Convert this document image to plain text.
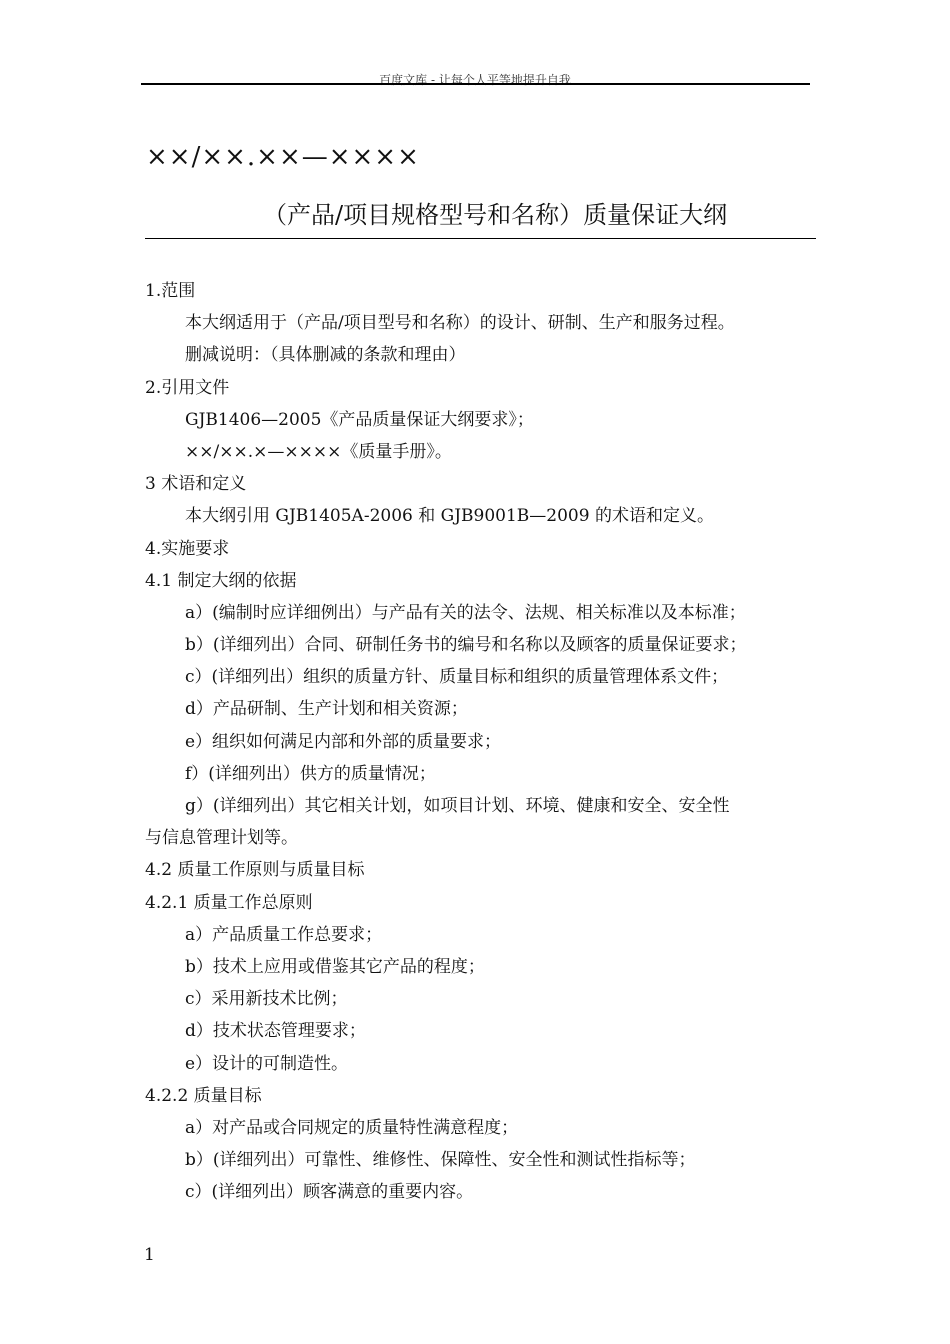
百度文库 - 让每个人平等地提升自我
××/××.××—××××
（产品/项目规格型号和名称）质量保证大纲
1.范围
本大纲适用于（产品/项目型号和名称）的设计、研制、生产和服务过程。
删减说明：（具体删减的条款和理由）
2.引用文件
GJB1406—2005《产品质量保证大纲要求》；
××/××.×—××××《质量手册》。
3 术语和定义
本大纲引用 GJB1405A-2006 和 GJB9001B—2009 的术语和定义。
4.实施要求
4.1 制定大纲的依据
a）(编制时应详细例出）与产品有关的法令、法规、相关标准以及本标准；
b）(详细列出）合同、研制任务书的编号和名称以及顾客的质量保证要求；
c）(详细列出）组织的质量方针、质量目标和组织的质量管理体系文件；
d）产品研制、生产计划和相关资源；
e）组织如何满足内部和外部的质量要求；
f）(详细列出）供方的质量情况；
g）(详细列出）其它相关计划，如项目计划、环境、健康和安全、安全性
与信息管理计划等。
4.2 质量工作原则与质量目标
4.2.1 质量工作总原则
a）产品质量工作总要求；
b）技术上应用或借鉴其它产品的程度；
c）采用新技术比例；
d）技术状态管理要求；
e）设计的可制造性。
4.2.2 质量目标
a）对产品或合同规定的质量特性满意程度；
b）(详细列出）可靠性、维修性、保障性、安全性和测试性指标等；
c）(详细列出）顾客满意的重要内容。
1
